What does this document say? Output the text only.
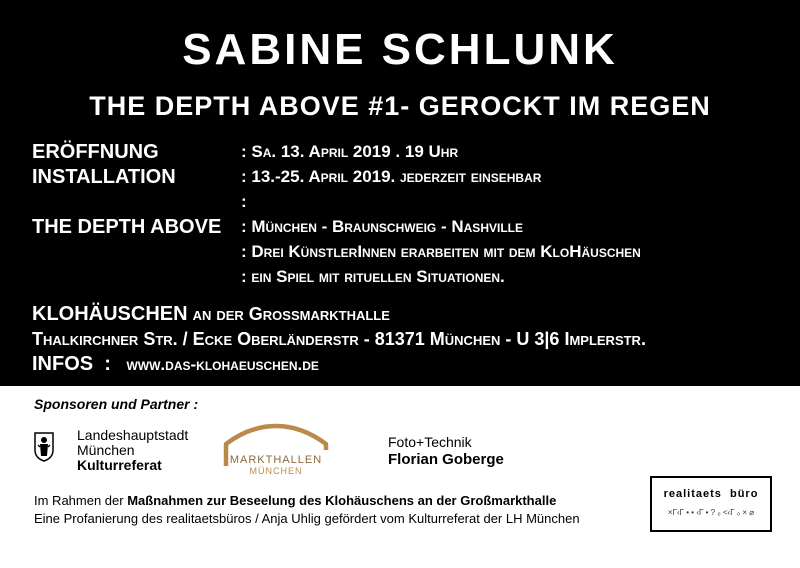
SABINE SCHLUNK
THE DEPTH ABOVE #1- GEROCKT IM REGEN
ERÖFFNUNG	: Sa. 13. April 2019 . 19 Uhr
INSTALLATION	: 13.-25. April 2019. jederzeit einsehbar
:
THE DEPTH ABOVE : München - Braunschweig - Nashville
: Drei KünstlerInnen erarbeiten mit dem KloHäuschen
: ein Spiel mit rituellen Situationen.
KLOHÄUSCHEN an der Großmarkthalle
Thalkirchner Str. / Ecke Oberländerstr - 81371 München - U 3|6 Implerstr.
INFOS  : www.das-klohaeuschen.de
Sponsoren und Partner :
Landeshauptstadt
München
Kulturreferat	MARKTHALLEN
MÜNCHEN
Foto+Technik
Florian Goberge
Im Rahmen der Maßnahmen zur Beseelung des Klohäuschens an der Großmarkthalle
Eine Profanierung des realitaetsbüros / Anja Uhlig gefördert vom Kulturreferat der LH München
realitaets  büro
×Γ‹Γ • • ‹Γ • ? ₀ ˂‹Γ ₀ × ⌀
